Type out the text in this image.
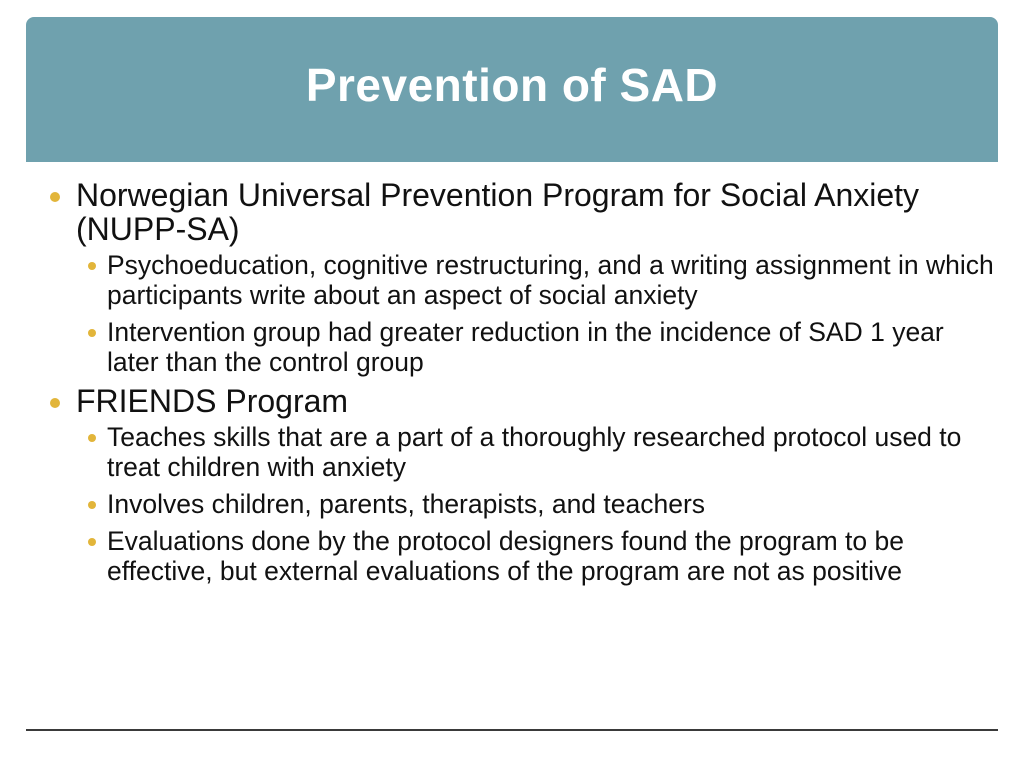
Prevention of SAD
Norwegian Universal Prevention Program for Social Anxiety (NUPP-SA)
Psychoeducation, cognitive restructuring, and a writing assignment in which participants write about an aspect of social anxiety
Intervention group had greater reduction in the incidence of SAD 1 year later than the control group
FRIENDS Program
Teaches skills that are a part of a thoroughly researched protocol used to treat children with anxiety
Involves children, parents, therapists, and teachers
Evaluations done by the protocol designers found the program to be effective, but external evaluations of the program are not as positive
